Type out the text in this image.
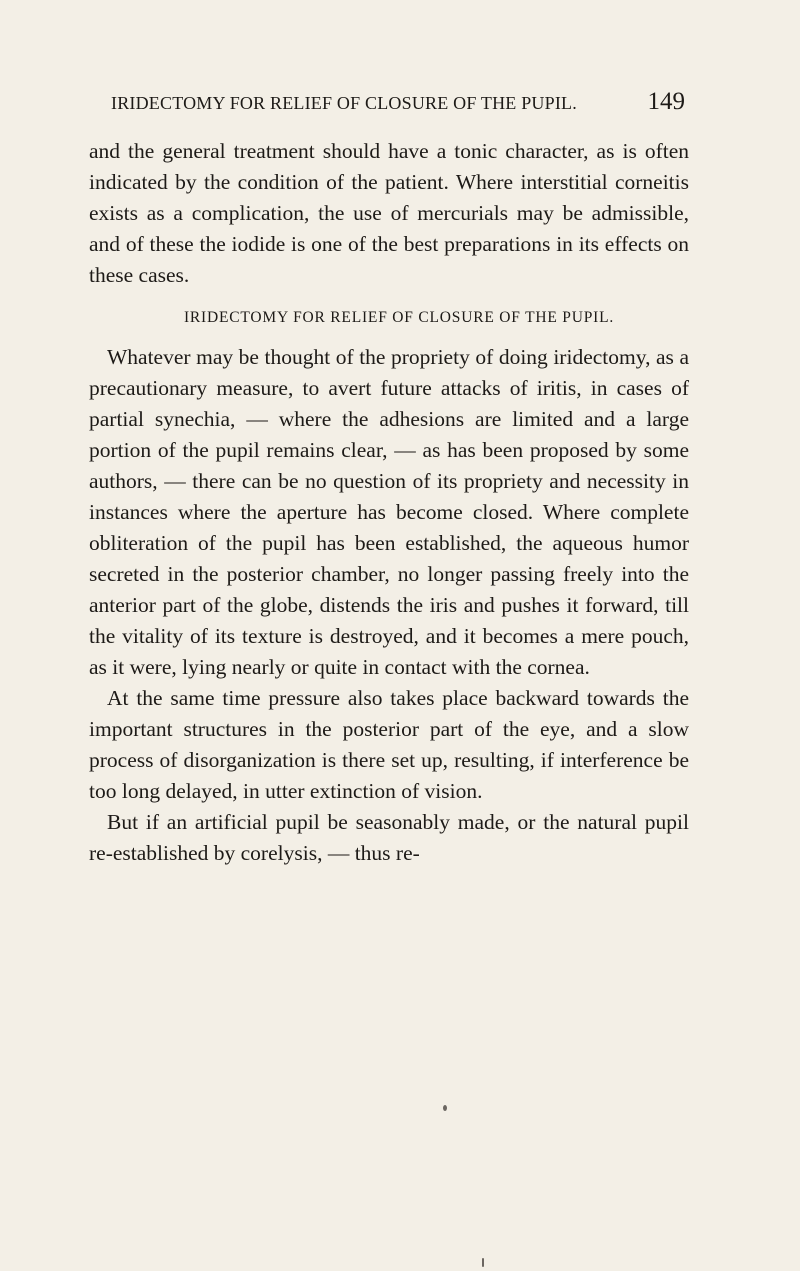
IRIDECTOMY FOR RELIEF OF CLOSURE OF THE PUPIL.	149

and the general treatment should have a tonic character, as is often indicated by the condition of the patient. Where interstitial corneitis exists as a complication, the use of mercurials may be admissible, and of these the iodide is one of the best preparations in its effects on these cases.

IRIDECTOMY FOR RELIEF OF CLOSURE OF THE PUPIL.

Whatever may be thought of the propriety of doing iridectomy, as a precautionary measure, to avert future attacks of iritis, in cases of partial synechia, — where the adhesions are limited and a large portion of the pupil remains clear, — as has been proposed by some authors, — there can be no question of its propriety and necessity in instances where the aperture has become closed. Where complete obliteration of the pupil has been established, the aqueous humor secreted in the posterior chamber, no longer passing freely into the anterior part of the globe, distends the iris and pushes it forward, till the vitality of its texture is destroyed, and it becomes a mere pouch, as it were, lying nearly or quite in contact with the cornea.

At the same time pressure also takes place backward towards the important structures in the posterior part of the eye, and a slow process of disorganization is there set up, resulting, if interference be too long delayed, in utter extinction of vision.

But if an artificial pupil be seasonably made, or the natural pupil re-established by corelysis, — thus re-
